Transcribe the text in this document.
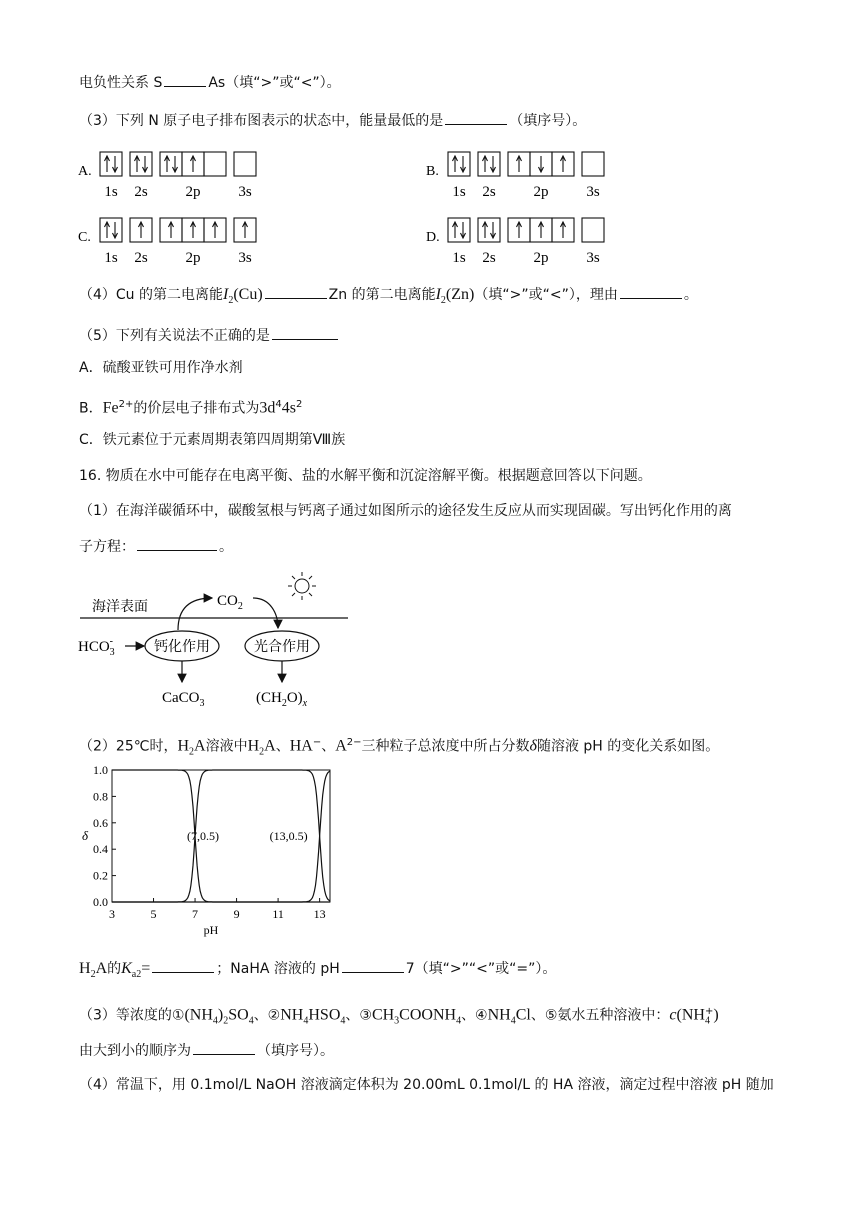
电负性关系 S	As（填“>”或“<”）。
（3）下列 N 原子电子排布图表示的状态中，能量最低的是	（填序号）。
A.
1s 2s	2p	3s
B.
1s 2s	2p	3s
C.
1s 2s	2p	3s
D.
1s 2s	2p	3s
（4）Cu 的第二电离能$I_2(Cu)$	Zn 的第二电离能$I_2(Zn)$（填“>”或“<”），理由	。
（5）下列有关说法不正确的是
A．硫酸亚铁可用作净水剂
B．$Fe^{2+}$的价层电子排布式为$3d^44s^2$
C．铁元素位于元素周期表第四周期第Ⅷ族
16. 物质在水中可能存在电离平衡、盐的水解平衡和沉淀溶解平衡。根据题意回答以下问题。
（1）在海洋碳循环中，碳酸氢根与钙离子通过如图所示的途径发生反应从而实现固碳。写出钙化作用的离
子方程：	。
海洋表面	$CO_2$
$HCO_3-$	钙化作用	光合作用
CaCO$_3$	$(CH_2O)_x$
（2）25℃时，$H_2A$溶液中$H_2A$、HA−、$A^{2-}$三种粒子总浓度中所占分数δ随溶液 pH 的变化关系如图。
0.0
0.2
0.4
0.6
0.8
1.0
3	5	7	9	11 13
pH
δ	(7,0.5)	(13,0.5)
$H_2A$的$K_{a2}=$	；NaHA 溶液的 pH	7（填“>”“<”或“=”）。
（3）等浓度的$①(NH_4)_2SO_4$、$②NH_4HSO_4$、$③CH_3COONH_4$、$④NH_4Cl$、⑤氨水五种溶液中：$c(NH_4^+)$
由大到小的顺序为	（填序号）。
（4）常温下，用 0.1mol/L NaOH 溶液滴定体积为 20.00mL 0.1mol/L 的 HA 溶液，滴定过程中溶液 pH 随加
